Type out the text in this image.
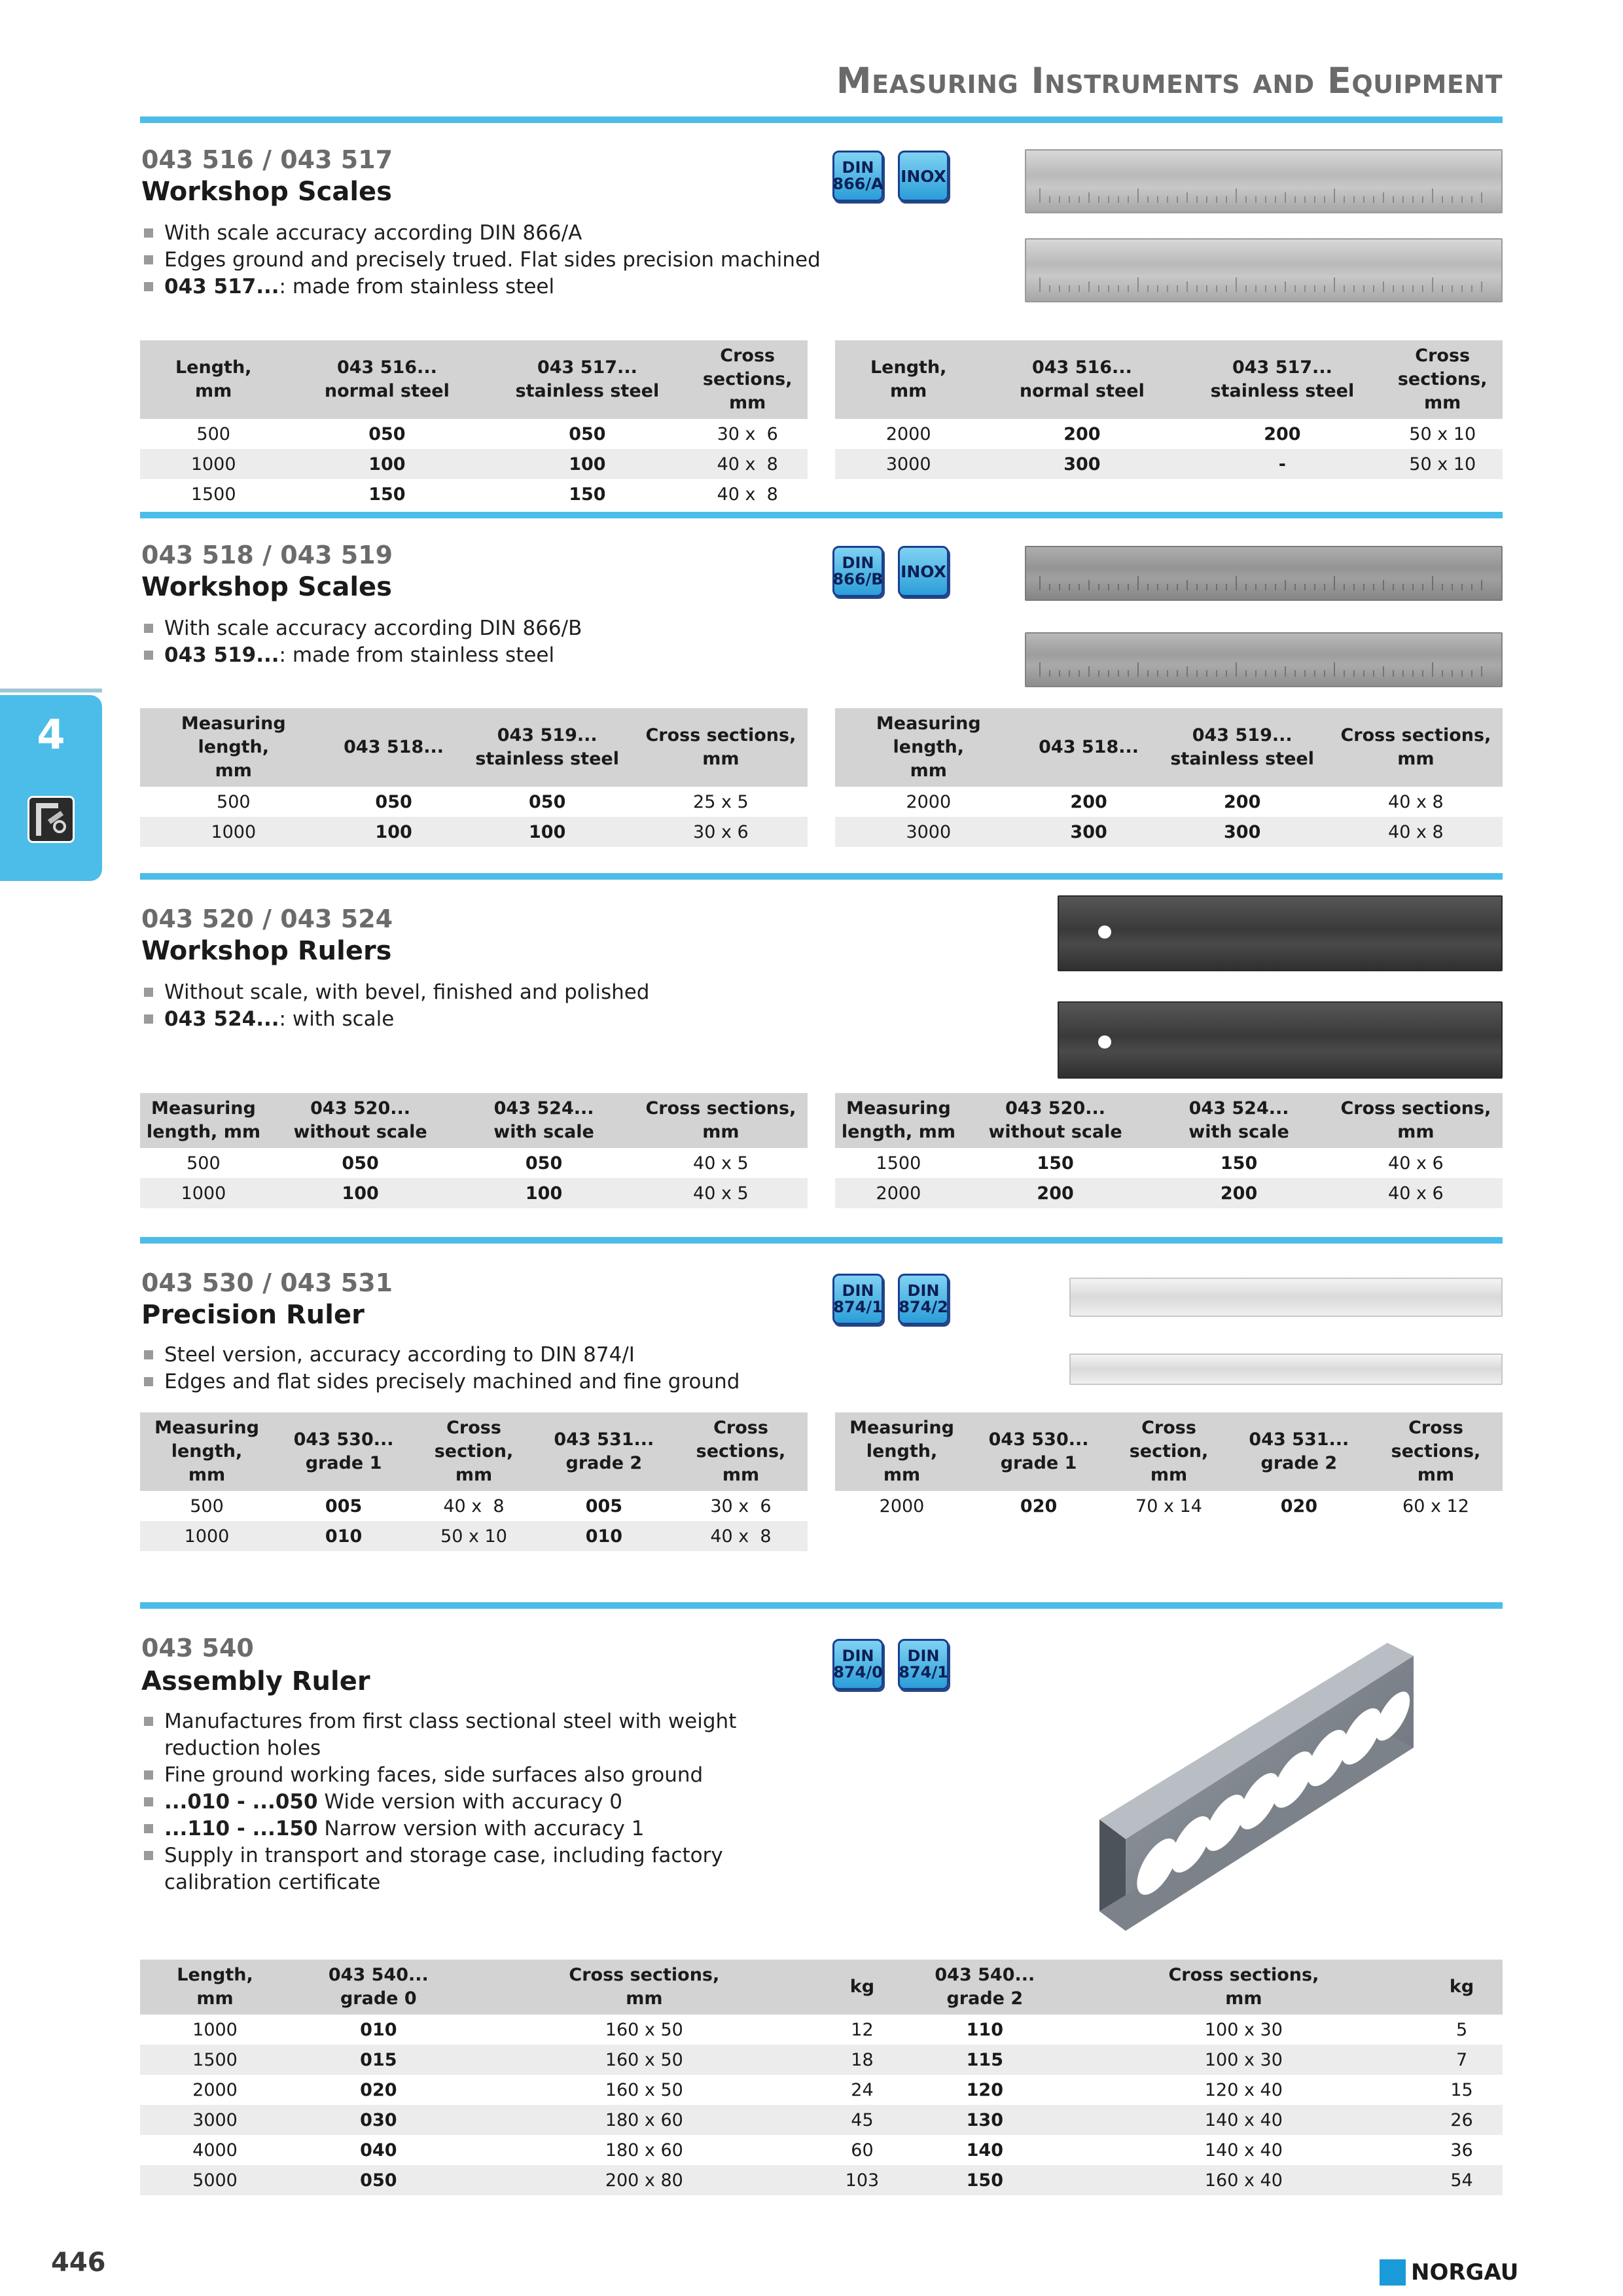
Measuring Instruments and Equipment
4
043 516 / 043 517
Workshop Scales
DIN
866/A INOX
With scale accuracy according DIN 866/A
Edges ground and precisely trued. Flat sides precision machined
043 517...: made from stainless steel
Length,
mm	043 516...
normal steel	043 517...
stainless steel	Cross sections,
mm
500	050	050	30 x  6
1000	100	100	40 x  8
1500	150	150	40 x  8
Length,
mm	043 516...
normal steel	043 517...
stainless steel	Cross sections,
mm
2000	200	200	50 x 10
3000	300	-	50 x 10
043 518 / 043 519
Workshop Scales
DIN
866/B INOX
With scale accuracy according DIN 866/B
043 519...: made from stainless steel
Measuring length,
mm	043 518...	043 519...
stainless steel	Cross sections,
mm
500	050	050	25 x 5
1000	100	100	30 x 6
Measuring length,
mm	043 518...	043 519...
stainless steel	Cross sections,
mm
2000	200	200	40 x 8
3000	300	300	40 x 8
043 520 / 043 524
Workshop Rulers
Without scale, with bevel, finished and polished
043 524...: with scale
Measuring
length, mm	043 520...
without scale	043 524...
with scale	Cross sections,
mm
500	050	050	40 x 5
1000	100	100	40 x 5
Measuring
length, mm	043 520...
without scale	043 524...
with scale	Cross sections,
mm
1500	150	150	40 x 6
2000	200	200	40 x 6
043 530 / 043 531
Precision Ruler
DIN
874/1
DIN
874/2
Steel version, accuracy according to DIN 874/I
Edges and flat sides precisely machined and fine ground
Measuring
length,
mm	043 530...
grade 1	Cross
section,
mm	043 531...
grade 2	Cross
sections,
mm
500	005	40 x  8	005	30 x  6
1000	010	50 x 10	010	40 x  8
Measuring
length,
mm	043 530...
grade 1	Cross
section,
mm	043 531...
grade 2	Cross
sections,
mm
2000	020	70 x 14	020	60 x 12
043 540
Assembly Ruler
DIN
874/0
DIN
874/1
Manufactures from first class sectional steel with weight reduction holes
Fine ground working faces, side surfaces also ground
...010 - ...050 Wide version with accuracy 0
...110 - ...150 Narrow version with accuracy 1
Supply in transport and storage case, including factory calibration certificate
Length,
mm	043 540...
grade 0	Cross sections,
mm	kg	043 540...
grade 2	Cross sections,
mm	kg
1000	010	160 x 50	12	110	100 x 30	5
1500	015	160 x 50	18	115	100 x 30	7
2000	020	160 x 50	24	120	120 x 40	15
3000	030	180 x 60	45	130	140 x 40	26
4000	040	180 x 60	60	140	140 x 40	36
5000	050	200 x 80	103	150	160 x 40	54
446	NORGAU
